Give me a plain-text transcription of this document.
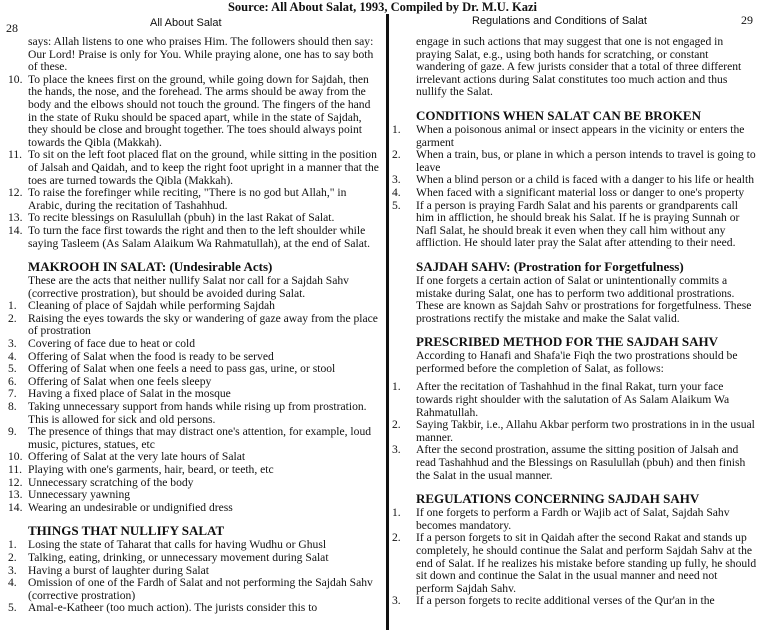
Source: All About Salat, 1993, Compiled by Dr. M.U. Kazi
28	All About Salat

says: Allah listens to one who praises Him. The followers should then say: Our Lord! Praise is only for You. While praying alone, one has to say both of these.

10. To place the knees first on the ground, while going down for Sajdah, then the hands, the nose, and the forehead. The arms should be away from the body and the elbows should not touch the ground. The fingers of the hand in the state of Ruku should be spaced apart, while in the state of Sajdah, they should be close and brought together. The toes should always point towards the Qibla (Makkah).
11. To sit on the left foot placed flat on the ground, while sitting in the position of Jalsah and Qaidah, and to keep the right foot upright in a manner that the toes are turned towards the Qibla (Makkah).
12. To raise the forefinger while reciting, "There is no god but Allah," in Arabic, during the recitation of Tashahhud.
13. To recite blessings on Rasulullah (pbuh) in the last Rakat of Salat.
14. To turn the face first towards the right and then to the left shoulder while saying Tasleem (As Salam Alaikum Wa Rahmatullah), at the end of Salat.
MAKROOH IN SALAT: (Undesirable Acts)

These are the acts that neither nullify Salat nor call for a Sajdah Sahv (corrective prostration), but should be avoided during Salat.

1. Cleaning of place of Sajdah while performing Sajdah
2. Raising the eyes towards the sky or wandering of gaze away from the place of prostration
3. Covering of face due to heat or cold
4. Offering of Salat when the food is ready to be served
5. Offering of Salat when one feels a need to pass gas, urine, or stool
6. Offering of Salat when one feels sleepy
7. Having a fixed place of Salat in the mosque
8. Taking unnecessary support from hands while rising up from prostration. This is allowed for sick and old persons.
9. The presence of things that may distract one's attention, for example, loud music, pictures, statues, etc
10. Offering of Salat at the very late hours of Salat
11. Playing with one's garments, hair, beard, or teeth, etc
12. Unnecessary scratching of the body
13. Unnecessary yawning
14. Wearing an undesirable or undignified dress
THINGS THAT NULLIFY SALAT
1. Losing the state of Taharat that calls for having Wudhu or Ghusl
2. Talking, eating, drinking, or unnecessary movement during Salat
3. Having a burst of laughter during Salat
4. Omission of one of the Fardh of Salat and not performing the Sajdah Sahv (corrective prostration)
5. Amal-e-Katheer (too much action). The jurists consider this to
Regulations and Conditions of Salat	29

engage in such actions that may suggest that one is not engaged in praying Salat, e.g., using both hands for scratching, or constant wandering of gaze. A few jurists consider that a total of three different irrelevant actions during Salat constitutes too much action and thus nullify the Salat.

CONDITIONS WHEN SALAT CAN BE BROKEN
1. When a poisonous animal or insect appears in the vicinity or enters the garment
2. When a train, bus, or plane in which a person intends to travel is going to leave
3. When a blind person or a child is faced with a danger to his life or health
4. When faced with a significant material loss or danger to one's property
5. If a person is praying Fardh Salat and his parents or grandparents call him in affliction, he should break his Salat. If he is praying Sunnah or Nafl Salat, he should break it even when they call him without any affliction. He should later pray the Salat after attending to their need.
SAJDAH SAHV: (Prostration for Forgetfulness)

If one forgets a certain action of Salat or unintentionally commits a mistake during Salat, one has to perform two additional prostrations. These are known as Sajdah Sahv or prostrations for forgetfulness. These prostrations rectify the mistake and make the Salat valid.

PRESCRIBED METHOD FOR THE SAJDAH SAHV

According to Hanafi and Shafa'ie Fiqh the two prostrations should be performed before the completion of Salat, as follows:

1. After the recitation of Tashahhud in the final Rakat, turn your face towards right shoulder with the salutation of As Salam Alaikum Wa Rahmatullah.
2. Saying Takbir, i.e., Allahu Akbar perform two prostrations in in the usual manner.
3. After the second prostration, assume the sitting position of Jalsah and read Tashahhud and the Blessings on Rasulullah (pbuh) and then finish the Salat in the usual manner.
REGULATIONS CONCERNING SAJDAH SAHV
1. If one forgets to perform a Fardh or Wajib act of Salat, Sajdah Sahv becomes mandatory.
2. If a person forgets to sit in Qaidah after the second Rakat and stands up completely, he should continue the Salat and perform Sajdah Sahv at the end of Salat. If he realizes his mistake before standing up fully, he should sit down and continue the Salat in the usual manner and need not perform Sajdah Sahv.
3. If a person forgets to recite additional verses of the Qur'an in the
